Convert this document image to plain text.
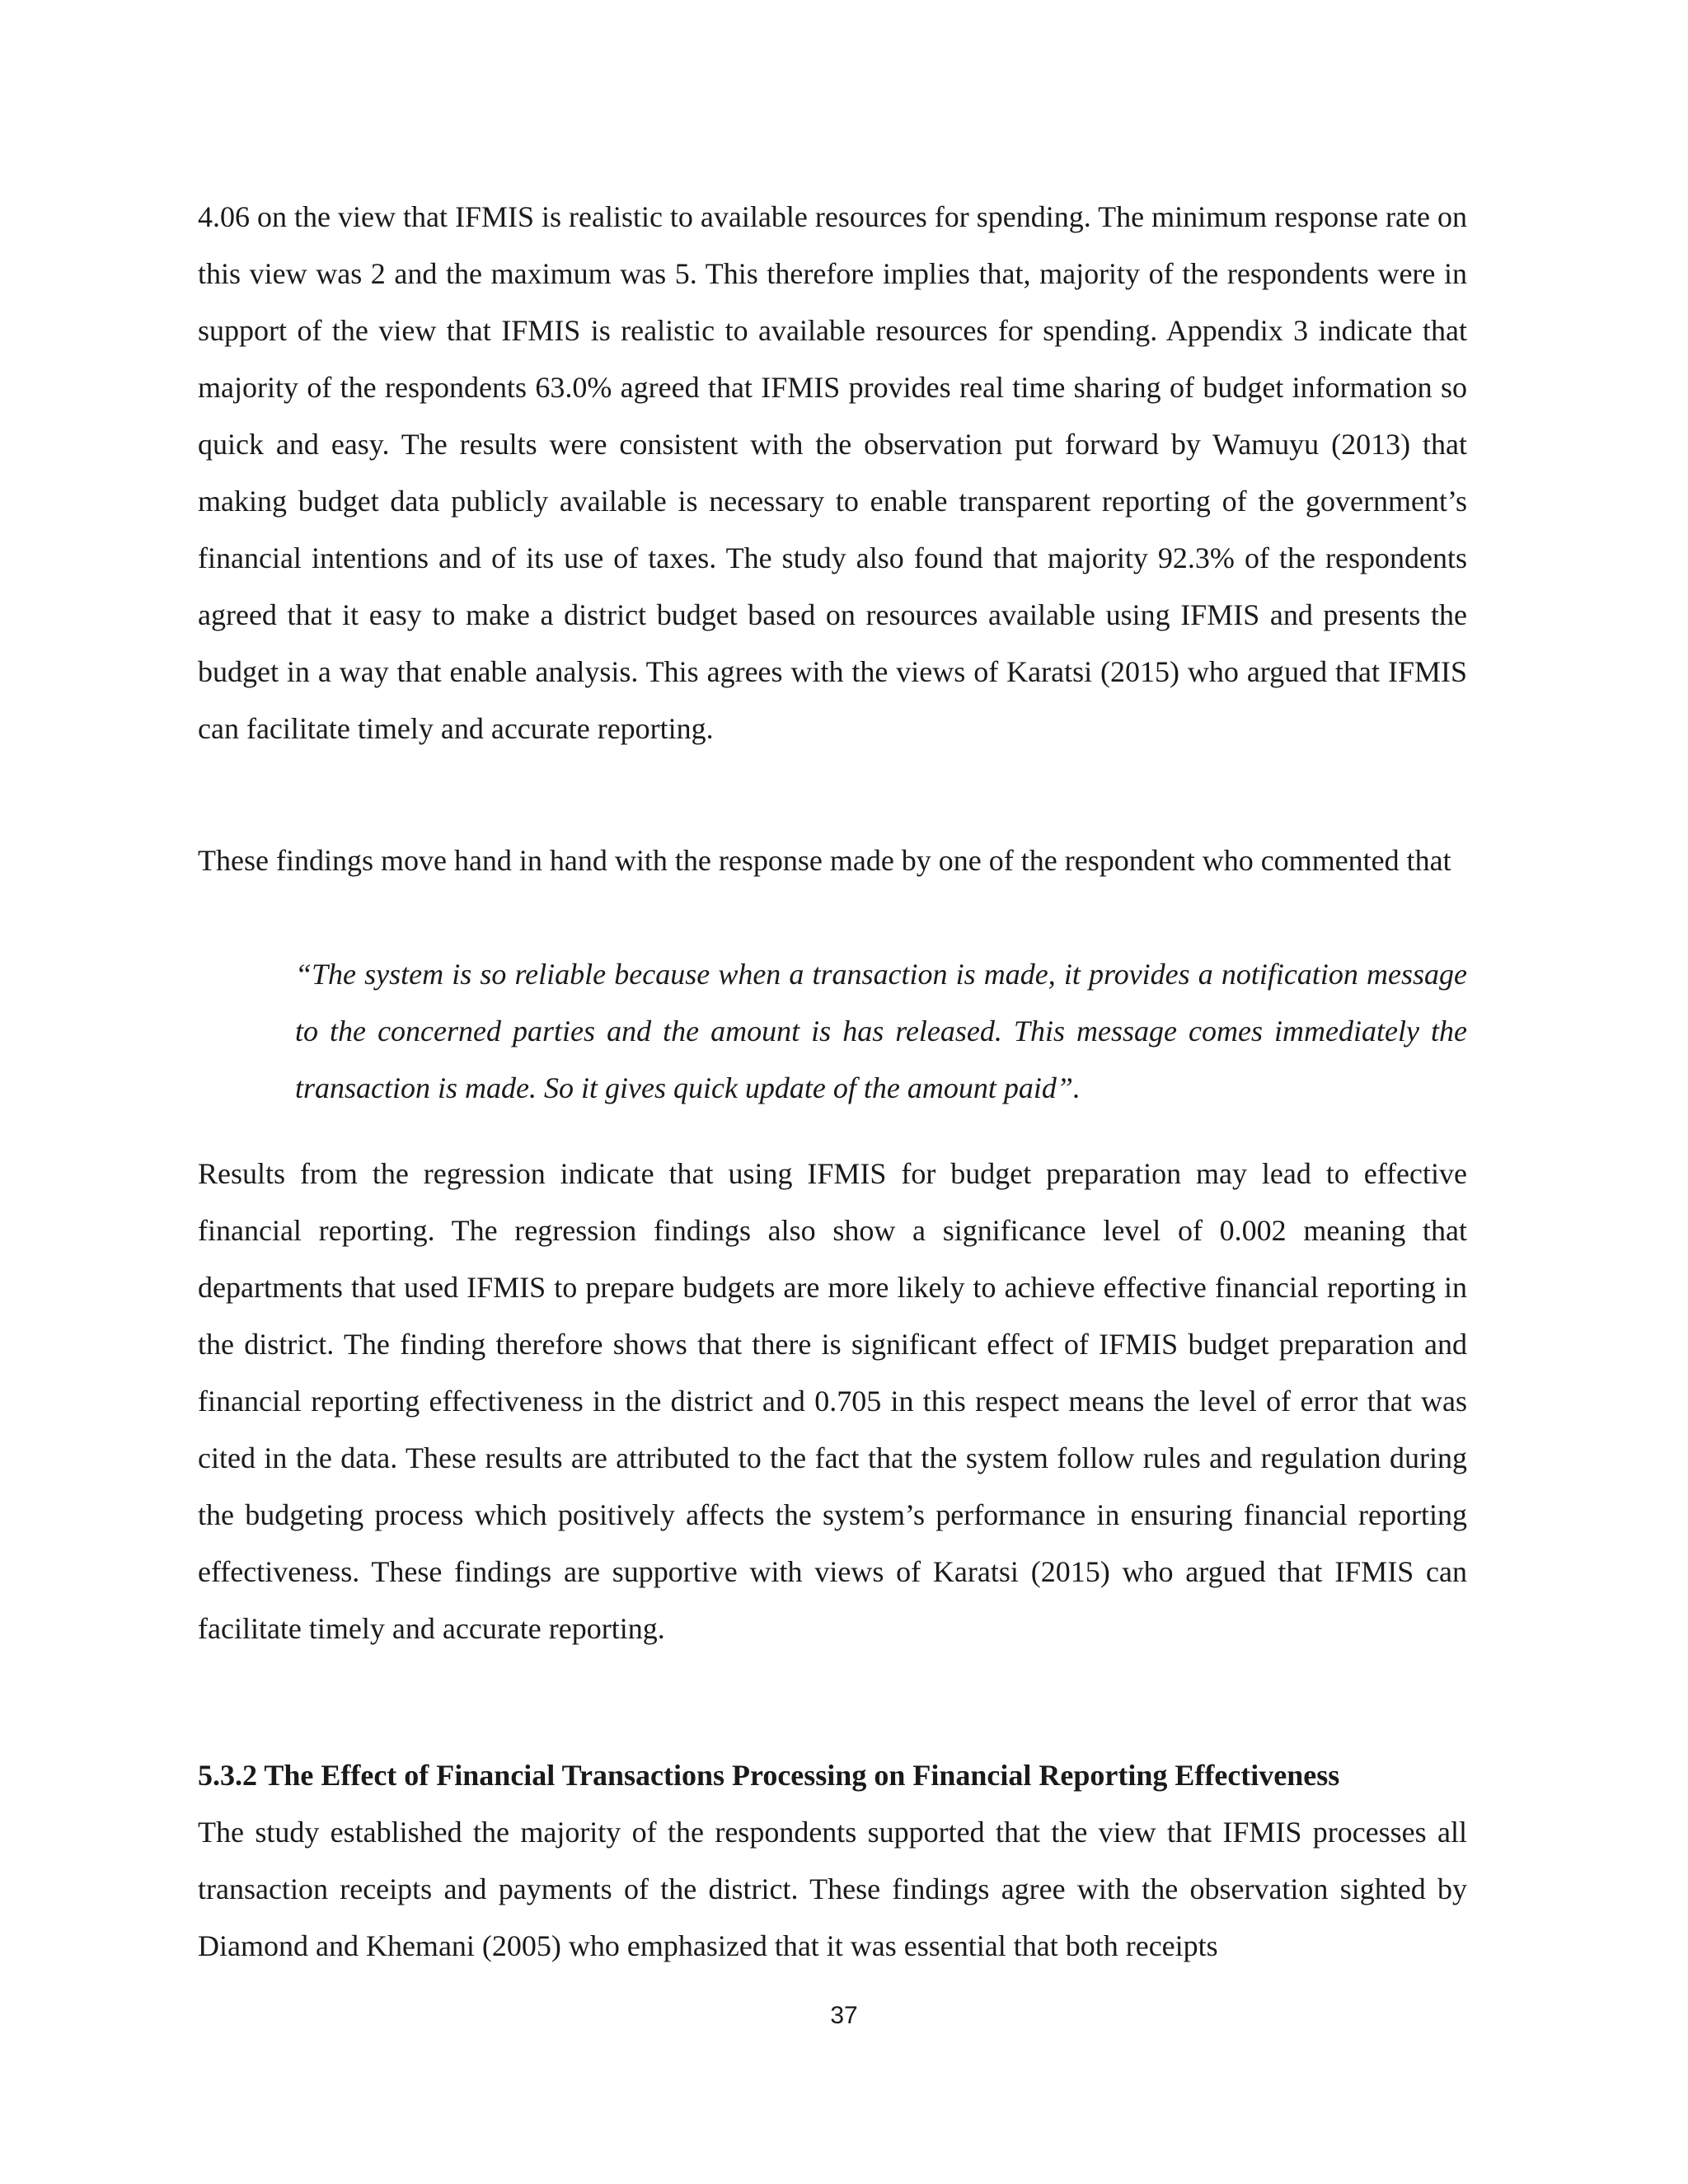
4.06 on the view that IFMIS is realistic to available resources for spending. The minimum response rate on this view was 2 and the maximum was 5. This therefore implies that, majority of the respondents were in support of the view that IFMIS is realistic to available resources for spending. Appendix 3 indicate that majority of the respondents 63.0% agreed that IFMIS provides real time sharing of budget information so quick and easy. The results were consistent with the observation put forward by Wamuyu (2013) that making budget data publicly available is necessary to enable transparent reporting of the government’s financial intentions and of its use of taxes. The study also found that majority 92.3% of the respondents agreed that it easy to make a district budget based on resources available using IFMIS and presents the budget in a way that enable analysis. This agrees with the views of Karatsi (2015) who argued that IFMIS can facilitate timely and accurate reporting.

These findings move hand in hand with the response made by one of the respondent who commented that

“The system is so reliable because when a transaction is made, it provides a notification message to the concerned parties and the amount is has released. This message comes immediately the transaction is made. So it gives quick update of the amount paid”.

Results from the regression indicate that using IFMIS for budget preparation may lead to effective financial reporting. The regression findings also show a significance level of 0.002 meaning that departments that used IFMIS to prepare budgets are more likely to achieve effective financial reporting in the district. The finding therefore shows that there is significant effect of IFMIS budget preparation and financial reporting effectiveness in the district and 0.705 in this respect means the level of error that was cited in the data. These results are attributed to the fact that the system follow rules and regulation during the budgeting process which positively affects the system’s performance in ensuring financial reporting effectiveness. These findings are supportive with views of Karatsi (2015) who argued that IFMIS can facilitate timely and accurate reporting.

5.3.2 The Effect of Financial Transactions Processing on Financial Reporting Effectiveness

The study established the majority of the respondents supported that the view that IFMIS processes all transaction receipts and payments of the district. These findings agree with the observation sighted by Diamond and Khemani (2005) who emphasized that it was essential that both receipts

37
